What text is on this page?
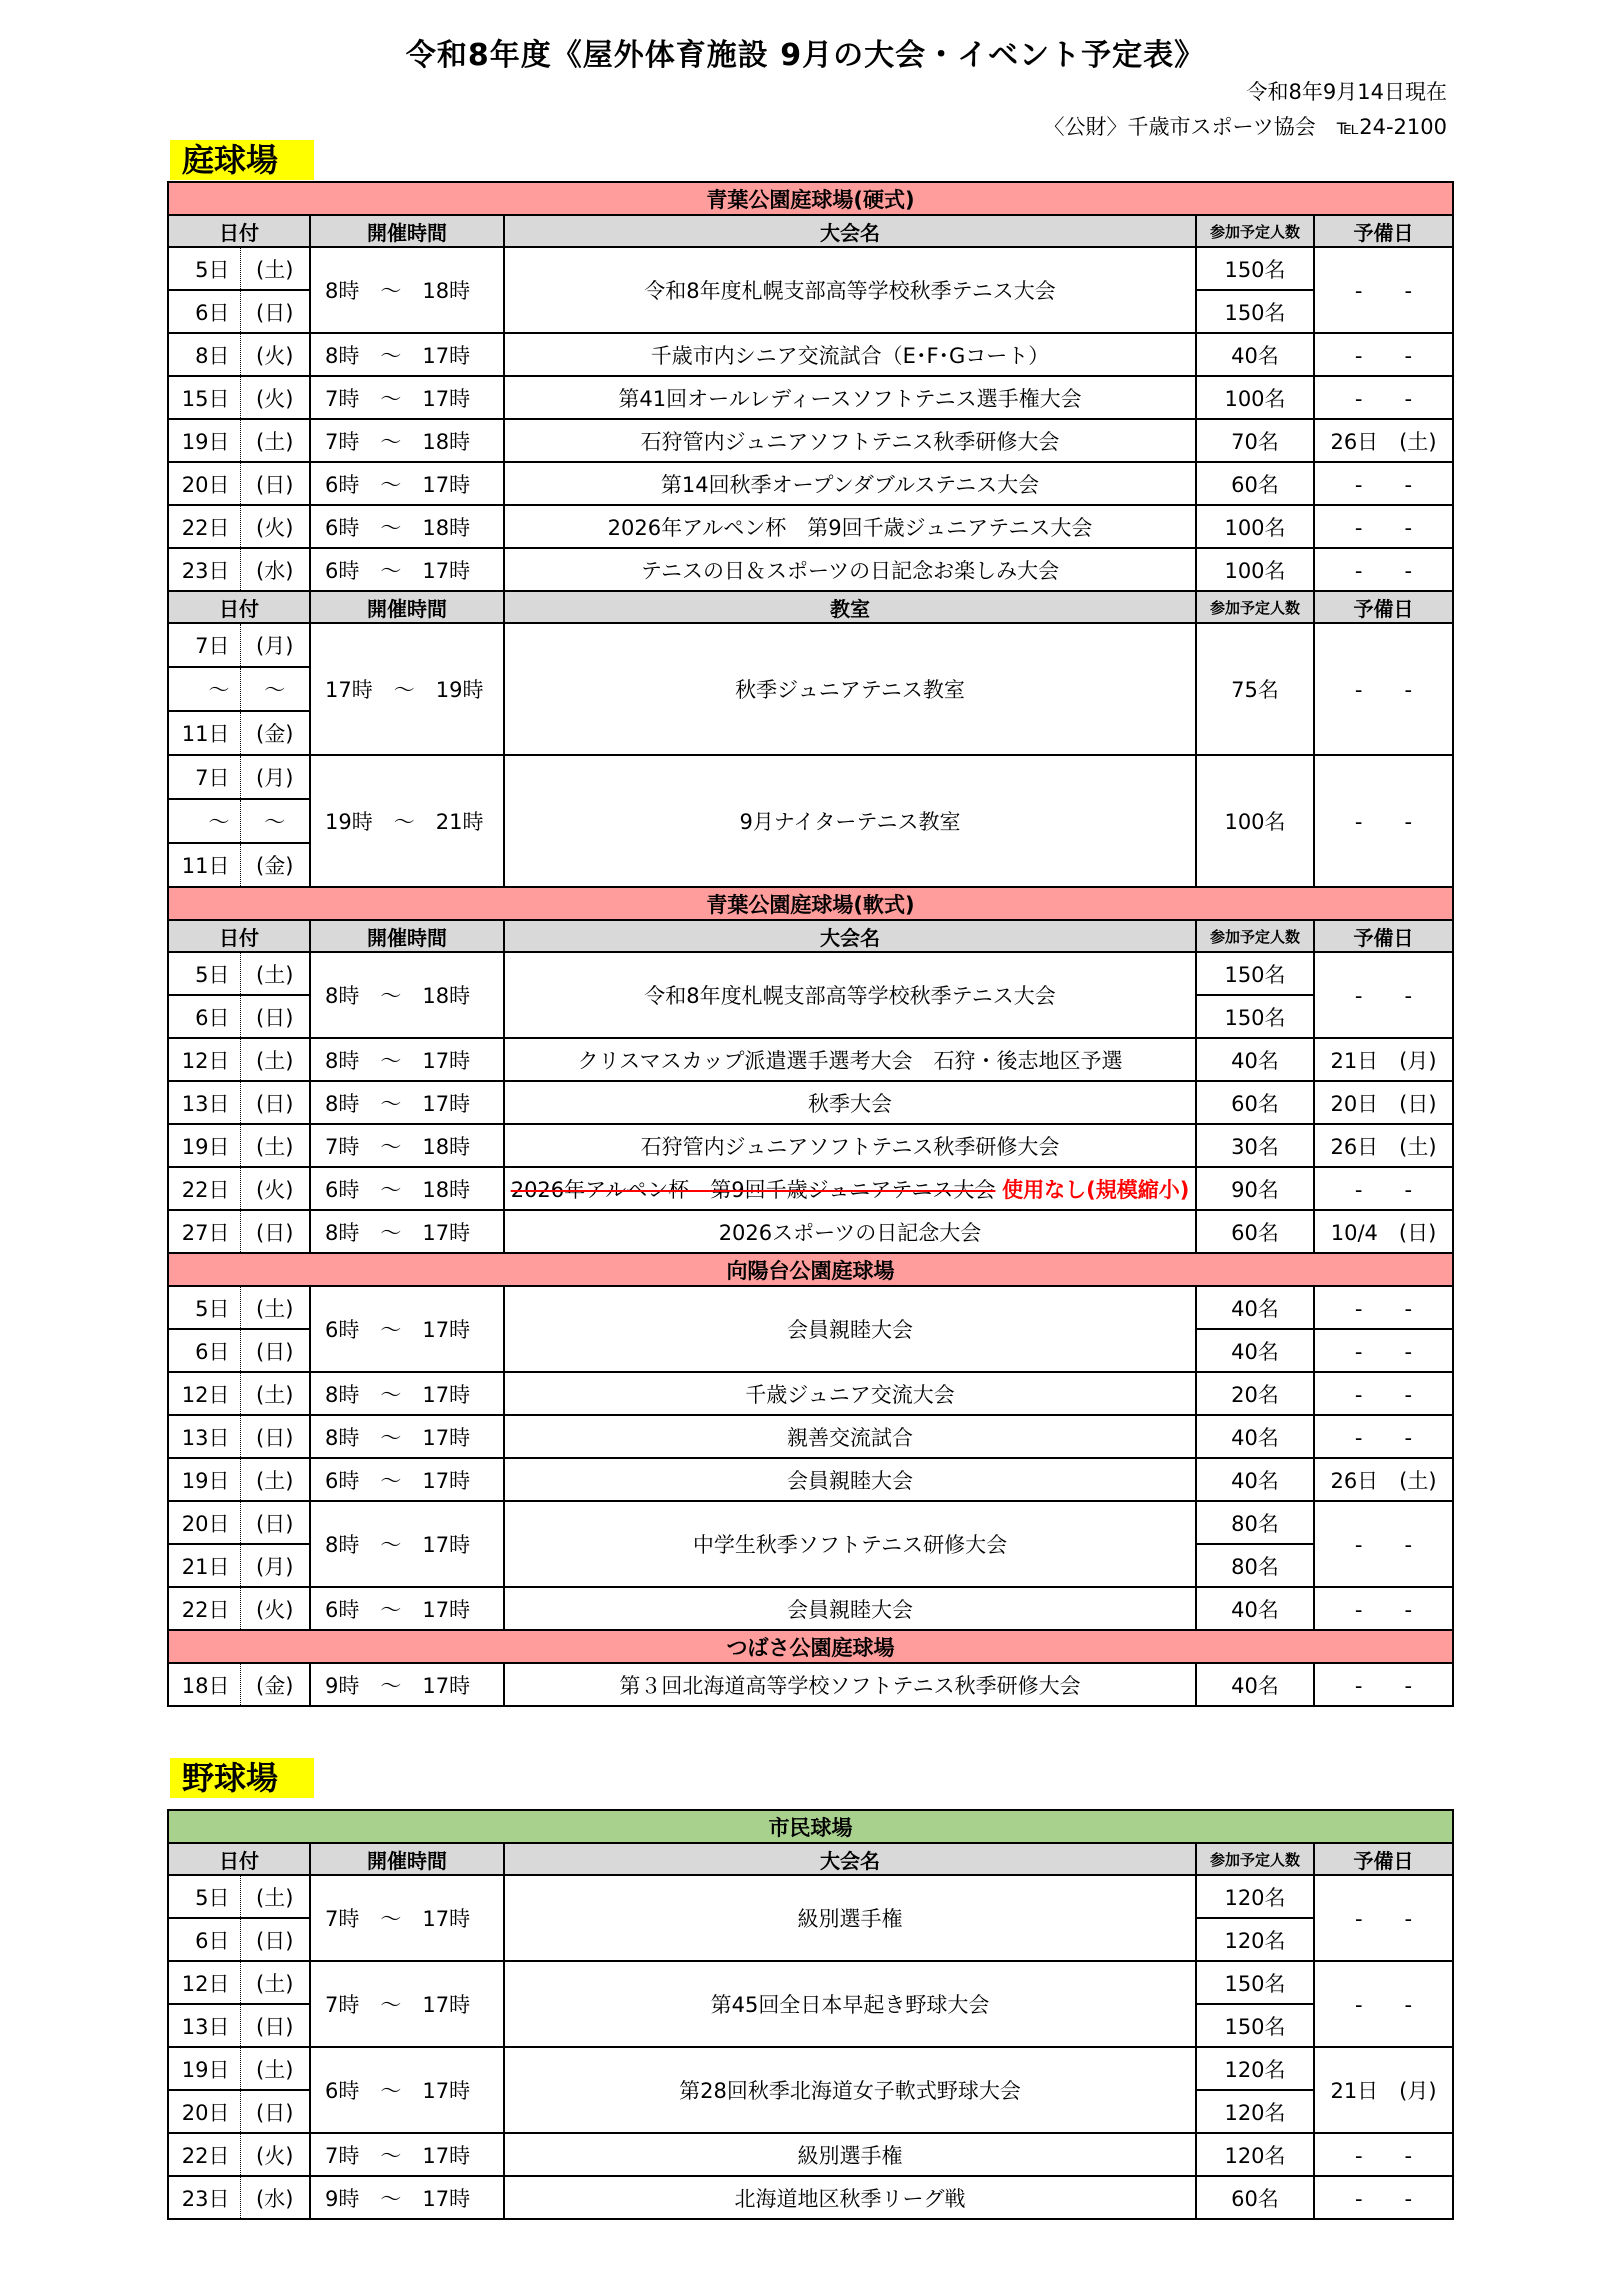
令和8年度《屋外体育施設 9月の大会・イベント予定表》
令和8年9月14日現在
〈公財〉千歳市スポーツ協会　℡24-2100
庭球場
青葉公園庭球場(硬式)					
日付		開催時間	大会名	参加予定人数	予備日
5日	(土)	8時　～　18時	令和8年度札幌支部高等学校秋季テニス大会	150名	-　　-
6日	(日)			150名	
8日	(火)	8時　～　17時	千歳市内シニア交流試合（E･F･Gコート）	40名	-　　-
15日	(火)	7時　～　17時	第41回オールレディースソフトテニス選手権大会	100名	-　　-
19日	(土)	7時　～　18時	石狩管内ジュニアソフトテニス秋季研修大会	70名	26日　(土)
20日	(日)	6時　～　17時	第14回秋季オープンダブルステニス大会	60名	-　　-
22日	(火)	6時　～　18時	2026年アルペン杯　第9回千歳ジュニアテニス大会	100名	-　　-
23日	(水)	6時　～　17時	テニスの日＆スポーツの日記念お楽しみ大会	100名	-　　-
日付		開催時間	教室	参加予定人数	予備日
7日	(月)	17時　～　19時	秋季ジュニアテニス教室	75名	-　　-
～	～				
11日	(金)				
7日	(月)	19時　～　21時	9月ナイターテニス教室	100名	-　　-
～	～				
11日	(金)				
青葉公園庭球場(軟式)					
日付		開催時間	大会名	参加予定人数	予備日
5日	(土)	8時　～　18時	令和8年度札幌支部高等学校秋季テニス大会	150名	-　　-
6日	(日)			150名	
12日	(土)	8時　～　17時	クリスマスカップ派遣選手選考大会　石狩・後志地区予選	40名	21日　(月)
13日	(日)	8時　～　17時	秋季大会	60名	20日　(日)
19日	(土)	7時　～　18時	石狩管内ジュニアソフトテニス秋季研修大会	30名	26日　(土)
22日	(火)	6時　～　18時	2026年アルペン杯　第9回千歳ジュニアテニス大会 使用なし(規模縮小)	90名	-　　-
27日	(日)	8時　～　17時	2026スポーツの日記念大会	60名	10/4　(日)
向陽台公園庭球場					
5日	(土)	6時　～　17時	会員親睦大会	40名	-　　-
6日	(日)			40名	-　　-
12日	(土)	8時　～　17時	千歳ジュニア交流大会	20名	-　　-
13日	(日)	8時　～　17時	親善交流試合	40名	-　　-
19日	(土)	6時　～　17時	会員親睦大会	40名	26日　(土)
20日	(日)	8時　～　17時	中学生秋季ソフトテニス研修大会	80名	-　　-
21日	(月)			80名	
22日	(火)	6時　～　17時	会員親睦大会	40名	-　　-
つばさ公園庭球場					
18日	(金)	9時　～　17時	第３回北海道高等学校ソフトテニス秋季研修大会	40名	-　　-
野球場
市民球場					
日付		開催時間	大会名	参加予定人数	予備日
5日	(土)	7時　～　17時	級別選手権	120名	-　　-
6日	(日)			120名	
12日	(土)	7時　～　17時	第45回全日本早起き野球大会	150名	-　　-
13日	(日)			150名	
19日	(土)	6時　～　17時	第28回秋季北海道女子軟式野球大会	120名	21日　(月)
20日	(日)			120名	
22日	(火)	7時　～　17時	級別選手権	120名	-　　-
23日	(水)	9時　～　17時	北海道地区秋季リーグ戦	60名	-　　-
